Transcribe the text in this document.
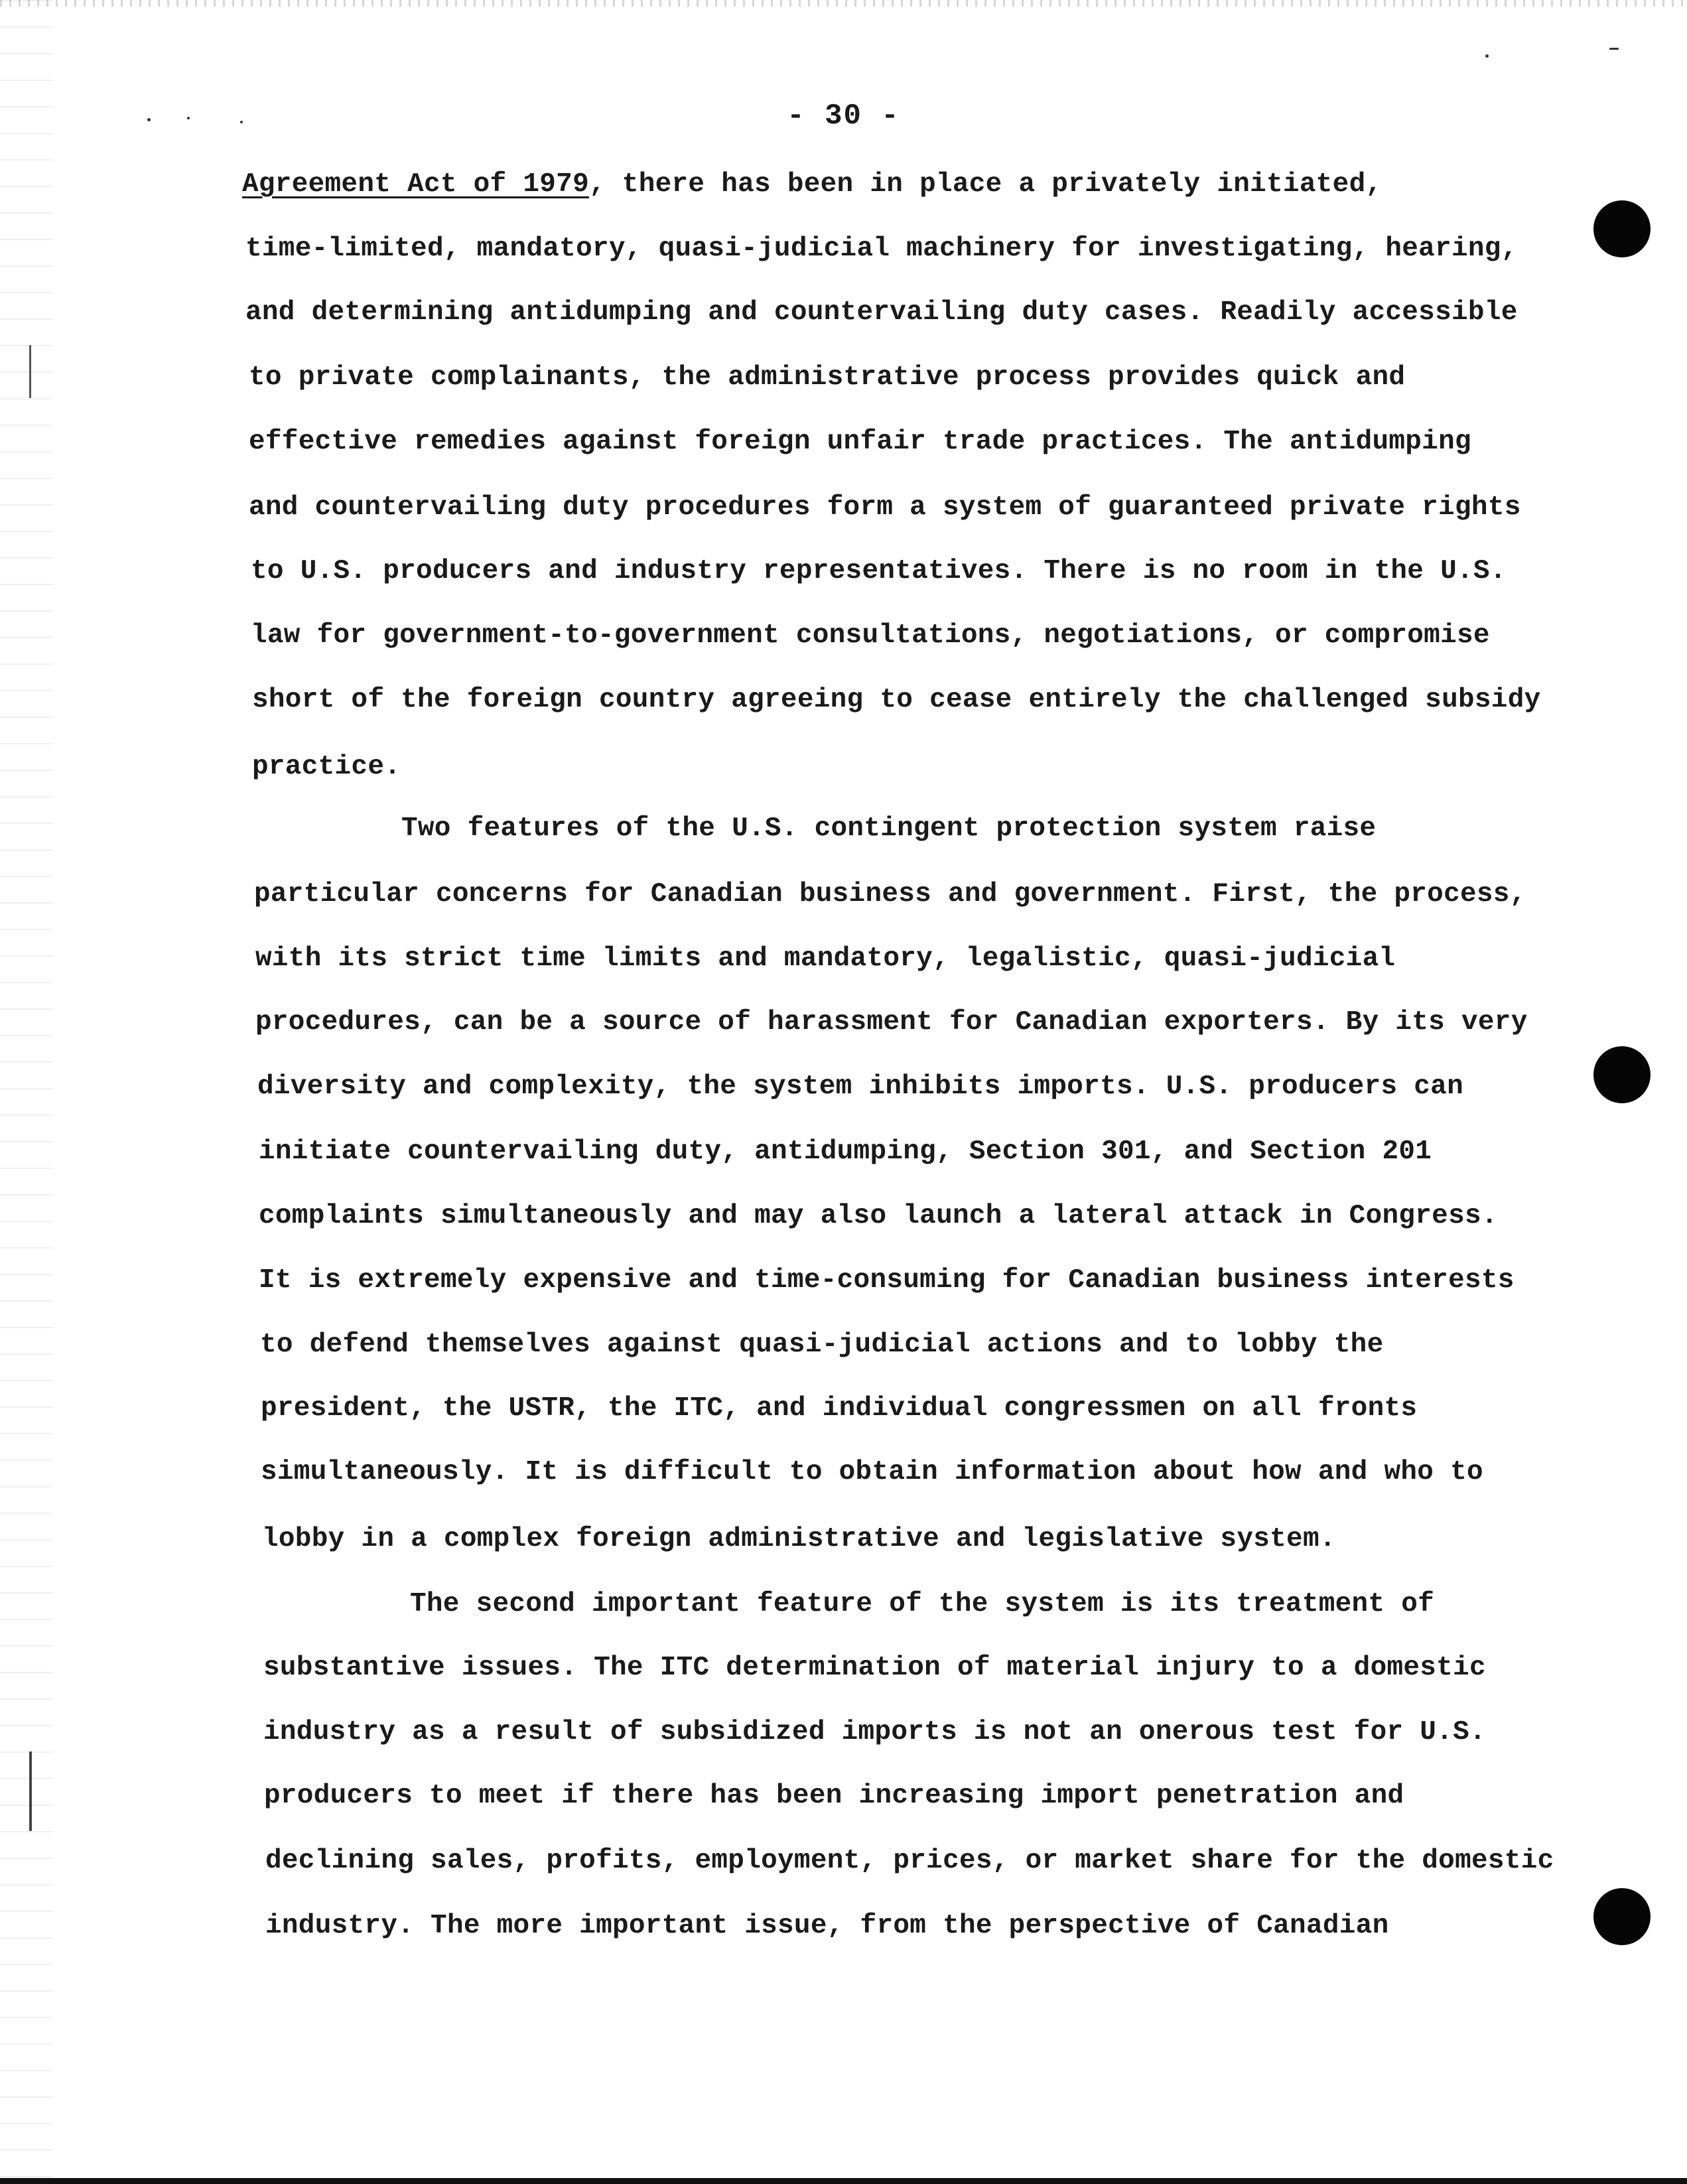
- 30 -
Agreement Act of 1979, there has been in place a privately initiated,
time-limited, mandatory, quasi-judicial machinery for investigating, hearing,
and determining antidumping and countervailing duty cases. Readily accessible
to private complainants, the administrative process provides quick and
effective remedies against foreign unfair trade practices. The antidumping
and countervailing duty procedures form a system of guaranteed private rights
to U.S. producers and industry representatives. There is no room in the U.S.
law for government-to-government consultations, negotiations, or compromise
short of the foreign country agreeing to cease entirely the challenged subsidy
practice.
Two features of the U.S. contingent protection system raise
particular concerns for Canadian business and government. First, the process,
with its strict time limits and mandatory, legalistic, quasi-judicial
procedures, can be a source of harassment for Canadian exporters. By its very
diversity and complexity, the system inhibits imports. U.S. producers can
initiate countervailing duty, antidumping, Section 301, and Section 201
complaints simultaneously and may also launch a lateral attack in Congress.
It is extremely expensive and time-consuming for Canadian business interests
to defend themselves against quasi-judicial actions and to lobby the
president, the USTR, the ITC, and individual congressmen on all fronts
simultaneously. It is difficult to obtain information about how and who to
lobby in a complex foreign administrative and legislative system.
The second important feature of the system is its treatment of
substantive issues. The ITC determination of material injury to a domestic
industry as a result of subsidized imports is not an onerous test for U.S.
producers to meet if there has been increasing import penetration and
declining sales, profits, employment, prices, or market share for the domestic
industry. The more important issue, from the perspective of Canadian
